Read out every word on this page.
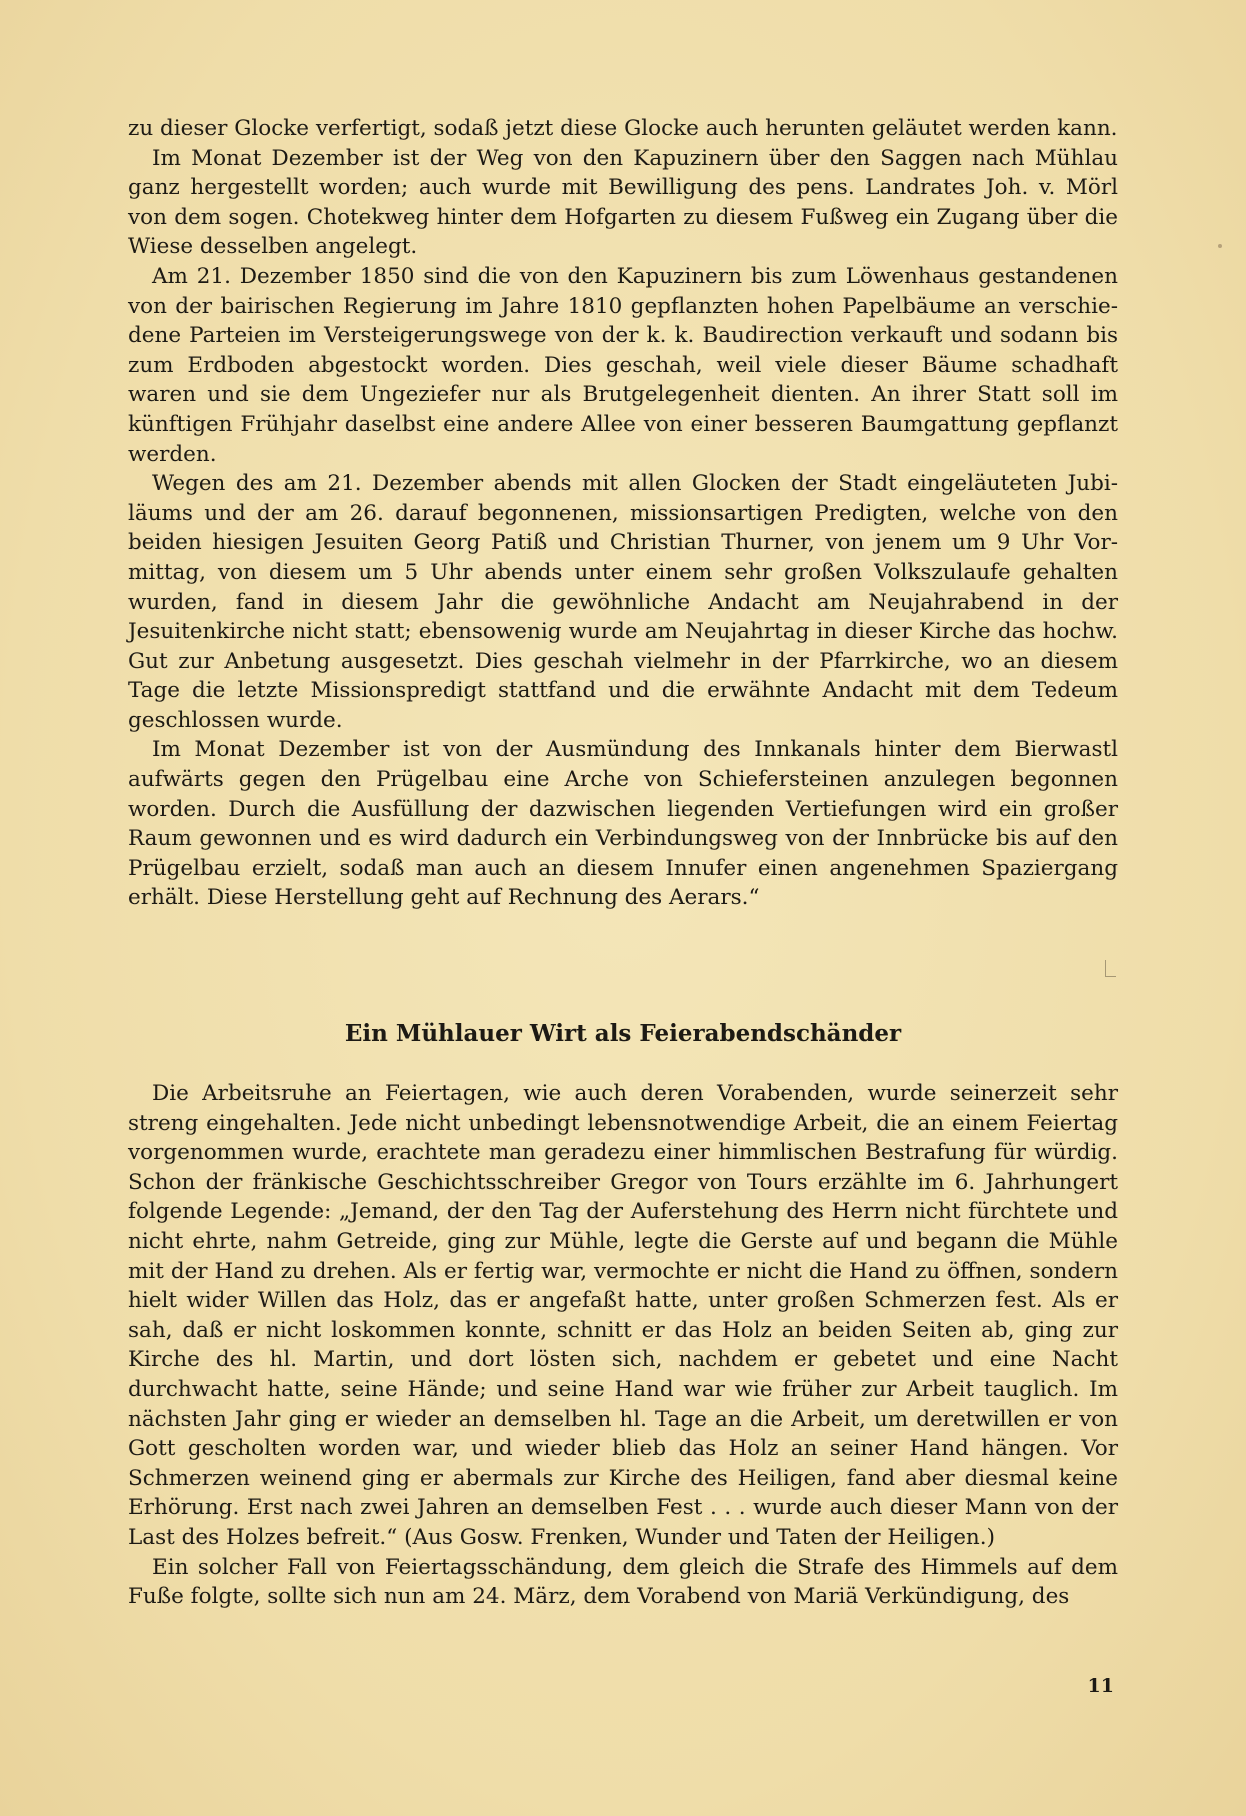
zu dieser Glocke verfertigt, sodaß jetzt diese Glocke auch herunten geläutet werden kann.

Im Monat Dezember ist der Weg von den Kapuzinern über den Saggen nach Mühlau ganz hergestellt worden; auch wurde mit Bewilligung des pens. Landrates Joh. v. Mörl von dem sogen. Chotekweg hinter dem Hofgarten zu diesem Fußweg ein Zugang über die Wiese desselben angelegt.

Am 21. Dezember 1850 sind die von den Kapuzinern bis zum Löwenhaus gestandenen von der bairischen Regierung im Jahre 1810 gepflanzten hohen Papelbäume an verschiedene Parteien im Versteigerungswege von der k. k. Baudirection verkauft und sodann bis zum Erdboden abgestockt worden. Dies geschah, weil viele dieser Bäume schadhaft waren und sie dem Ungeziefer nur als Brutgelegenheit dienten. An ihrer Statt soll im künftigen Frühjahr daselbst eine andere Allee von einer besseren Baumgattung gepflanzt werden.

Wegen des am 21. Dezember abends mit allen Glocken der Stadt eingeläuteten Jubiläums und der am 26. darauf begonnenen, missionsartigen Predigten, welche von den beiden hiesigen Jesuiten Georg Patiß und Christian Thurner, von jenem um 9 Uhr Vormittag, von diesem um 5 Uhr abends unter einem sehr großen Volkszulaufe gehalten wurden, fand in diesem Jahr die gewöhnliche Andacht am Neujahrabend in der Jesuitenkirche nicht statt; ebensowenig wurde am Neujahrtag in dieser Kirche das hochw. Gut zur Anbetung ausgesetzt. Dies geschah vielmehr in der Pfarrkirche, wo an diesem Tage die letzte Missionspredigt stattfand und die erwähnte Andacht mit dem Tedeum geschlossen wurde.

Im Monat Dezember ist von der Ausmündung des Innkanals hinter dem Bierwastl aufwärts gegen den Prügelbau eine Arche von Schiefersteinen anzulegen begonnen worden. Durch die Ausfüllung der dazwischen liegenden Vertiefungen wird ein großer Raum gewonnen und es wird dadurch ein Verbindungsweg von der Innbrücke bis auf den Prügelbau erzielt, sodaß man auch an diesem Innufer einen angenehmen Spaziergang erhält. Diese Herstellung geht auf Rechnung des Aerars.“

Ein Mühlauer Wirt als Feierabendschänder

Die Arbeitsruhe an Feiertagen, wie auch deren Vorabenden, wurde seinerzeit sehr streng eingehalten. Jede nicht unbedingt lebensnotwendige Arbeit, die an einem Feiertag vorgenommen wurde, erachtete man geradezu einer himmlischen Bestrafung für würdig. Schon der fränkische Geschichtsschreiber Gregor von Tours erzählte im 6. Jahrhungert folgende Legende: „Jemand, der den Tag der Auferstehung des Herrn nicht fürchtete und nicht ehrte, nahm Getreide, ging zur Mühle, legte die Gerste auf und begann die Mühle mit der Hand zu drehen. Als er fertig war, vermochte er nicht die Hand zu öffnen, sondern hielt wider Willen das Holz, das er angefaßt hatte, unter großen Schmerzen fest. Als er sah, daß er nicht loskommen konnte, schnitt er das Holz an beiden Seiten ab, ging zur Kirche des hl. Martin, und dort lösten sich, nachdem er gebetet und eine Nacht durchwacht hatte, seine Hände; und seine Hand war wie früher zur Arbeit tauglich. Im nächsten Jahr ging er wieder an demselben hl. Tage an die Arbeit, um deretwillen er von Gott gescholten worden war, und wieder blieb das Holz an seiner Hand hängen. Vor Schmerzen weinend ging er abermals zur Kirche des Heiligen, fand aber diesmal keine Erhörung. Erst nach zwei Jahren an demselben Fest . . . wurde auch dieser Mann von der Last des Holzes befreit.“ (Aus Gosw. Frenken, Wunder und Taten der Heiligen.)

Ein solcher Fall von Feiertagsschändung, dem gleich die Strafe des Himmels auf dem Fuße folgte, sollte sich nun am 24. März, dem Vorabend von Mariä Verkündigung, des

11
